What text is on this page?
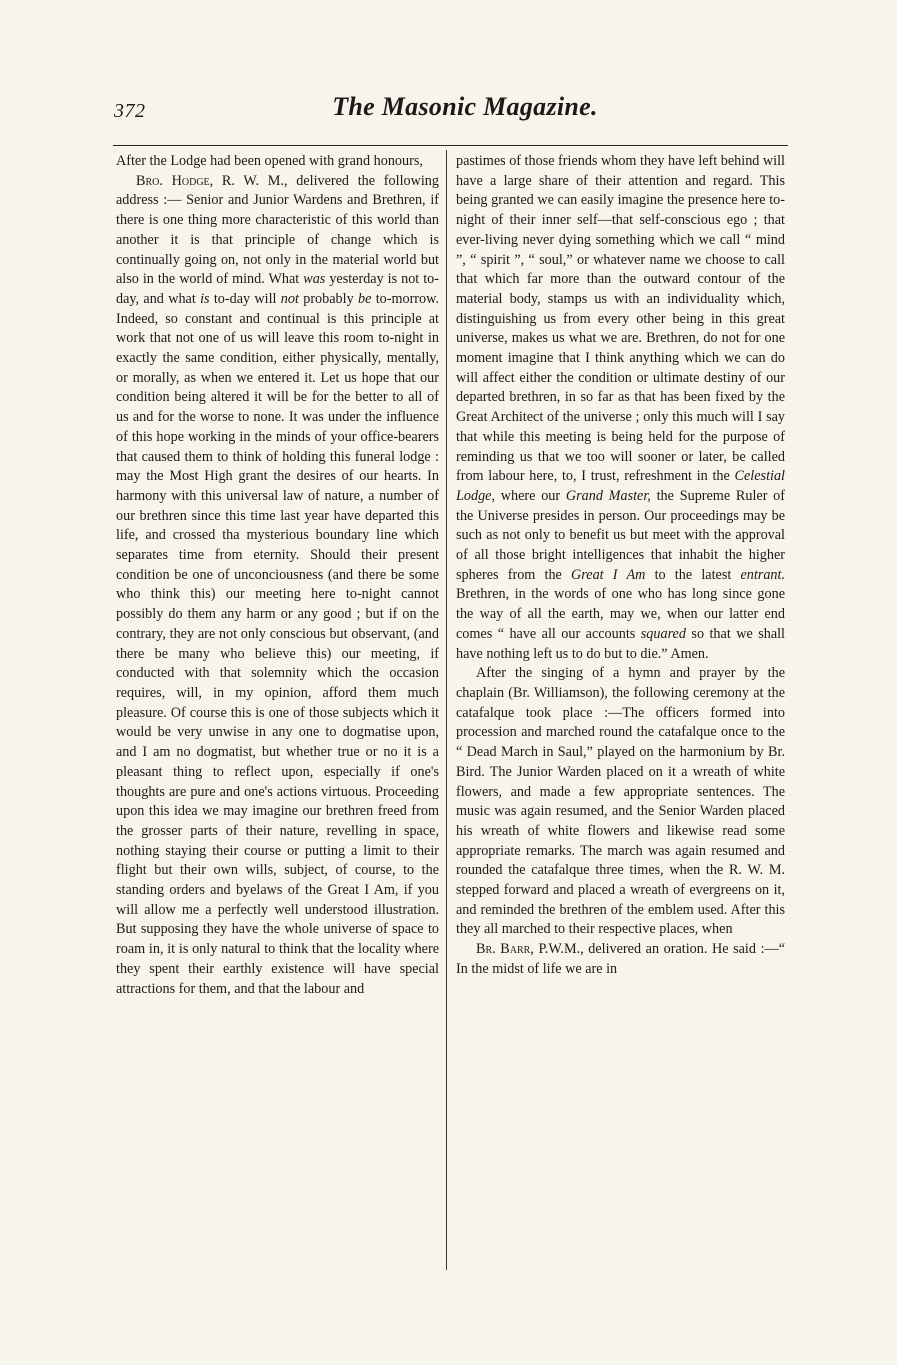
372	The Masonic Magazine.

After the Lodge had been opened with grand honours,

Bro. Hodge, R. W. M., delivered the following address :— Senior and Junior Wardens and Brethren, if there is one thing more characteristic of this world than another it is that principle of change which is continually going on, not only in the material world but also in the world of mind. What was yesterday is not to-day, and what is to-day will not probably be to-morrow. Indeed, so constant and continual is this principle at work that not one of us will leave this room to-night in exactly the same condition, either physically, mentally, or morally, as when we entered it. Let us hope that our condition being altered it will be for the better to all of us and for the worse to none. It was under the influence of this hope working in the minds of your office-bearers that caused them to think of holding this funeral lodge : may the Most High grant the desires of our hearts. In harmony with this universal law of nature, a number of our brethren since this time last year have departed this life, and crossed tha mysterious boundary line which separates time from eternity. Should their present condition be one of unconciousness (and there be some who think this) our meeting here to-night cannot possibly do them any harm or any good ; but if on the contrary, they are not only conscious but observant, (and there be many who believe this) our meeting, if conducted with that solemnity which the occasion requires, will, in my opinion, afford them much pleasure. Of course this is one of those subjects which it would be very unwise in any one to dogmatise upon, and I am no dogmatist, but whether true or no it is a pleasant thing to reflect upon, especially if one's thoughts are pure and one's actions virtuous. Proceeding upon this idea we may imagine our brethren freed from the grosser parts of their nature, revelling in space, nothing staying their course or putting a limit to their flight but their own wills, subject, of course, to the standing orders and byelaws of the Great I Am, if you will allow me a perfectly well understood illustration. But supposing they have the whole universe of space to roam in, it is only natural to think that the locality where they spent their earthly existence will have special attractions for them, and that the labour and

pastimes of those friends whom they have left behind will have a large share of their attention and regard. This being granted we can easily imagine the presence here to-night of their inner self—that self-conscious ego ; that ever-living never dying something which we call “ mind ”, “ spirit ”, “ soul,” or whatever name we choose to call that which far more than the outward contour of the material body, stamps us with an individuality which, distinguishing us from every other being in this great universe, makes us what we are. Brethren, do not for one moment imagine that I think anything which we can do will affect either the condition or ultimate destiny of our departed brethren, in so far as that has been fixed by the Great Architect of the universe ; only this much will I say that while this meeting is being held for the purpose of reminding us that we too will sooner or later, be called from labour here, to, I trust, refreshment in the Celestial Lodge, where our Grand Master, the Supreme Ruler of the Universe presides in person. Our proceedings may be such as not only to benefit us but meet with the approval of all those bright intelligences that inhabit the higher spheres from the Great I Am to the latest entrant. Brethren, in the words of one who has long since gone the way of all the earth, may we, when our latter end comes “ have all our accounts squared so that we shall have nothing left us to do but to die.” Amen.

After the singing of a hymn and prayer by the chaplain (Br. Williamson), the following ceremony at the catafalque took place :—The officers formed into procession and marched round the catafalque once to the “ Dead March in Saul,” played on the harmonium by Br. Bird. The Junior Warden placed on it a wreath of white flowers, and made a few appropriate sentences. The music was again resumed, and the Senior Warden placed his wreath of white flowers and likewise read some appropriate remarks. The march was again resumed and rounded the catafalque three times, when the R. W. M. stepped forward and placed a wreath of evergreens on it, and reminded the brethren of the emblem used. After this they all marched to their respective places, when

Br. Barr, P.W.M., delivered an oration. He said :—“ In the midst of life we are in
